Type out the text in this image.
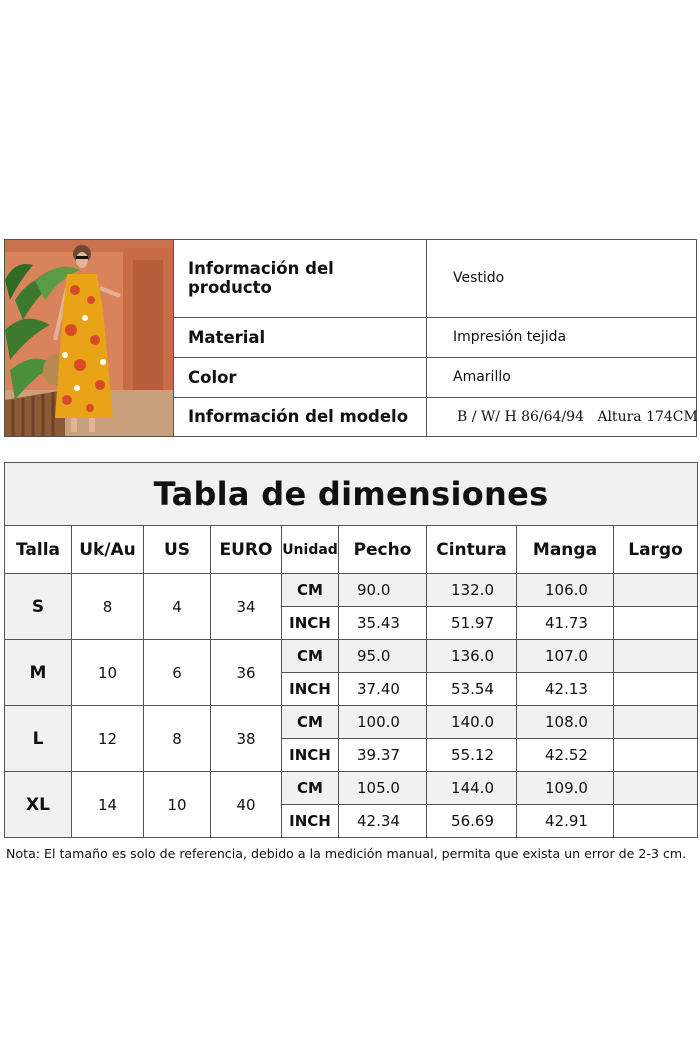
Información del producto	Vestido
Material	Impresión tejida
Color	Amarillo
Información del modelo	B / W/ H 86/64/94   Altura 174CM
Tabla de dimensiones								
Talla	Uk/Au	US	EURO	Unidad	Pecho	Cintura	Manga	Largo
S	8	4	34	CM	90.0	132.0	106.0	
				INCH	35.43	51.97	41.73	
M	10	6	36	CM	95.0	136.0	107.0	
				INCH	37.40	53.54	42.13	
L	12	8	38	CM	100.0	140.0	108.0	
				INCH	39.37	55.12	42.52	
XL	14	10	40	CM	105.0	144.0	109.0	
				INCH	42.34	56.69	42.91	
Nota: El tamaño es solo de referencia, debido a la medición manual, permita que exista un error de 2-3 cm.
